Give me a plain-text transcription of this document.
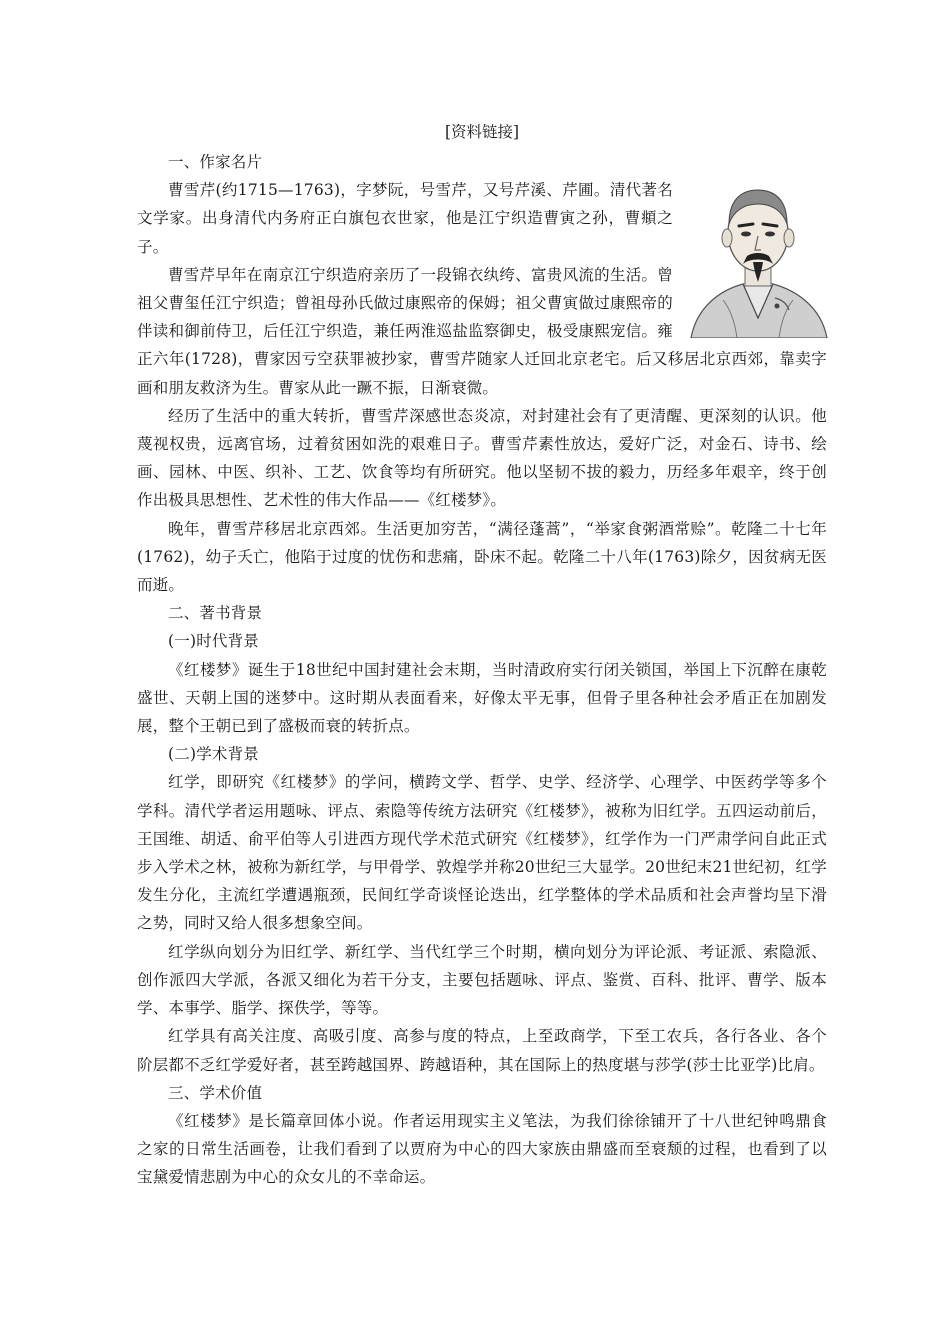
[资料链接]

一、作家名片

曹雪芹(约1715—1763)，字梦阮，号雪芹，又号芹溪、芹圃。清代著名文学家。出身清代内务府正白旗包衣世家，他是江宁织造曹寅之孙，曹頫之子。

曹雪芹早年在南京江宁织造府亲历了一段锦衣纨绔、富贵风流的生活。曾祖父曹玺任江宁织造；曾祖母孙氏做过康熙帝的保姆；祖父曹寅做过康熙帝的伴读和御前侍卫，后任江宁织造，兼任两淮巡盐监察御史，极受康熙宠信。雍正六年(1728)，曹家因亏空获罪被抄家，曹雪芹随家人迁回北京老宅。后又移居北京西郊，靠卖字画和朋友救济为生。曹家从此一蹶不振，日渐衰微。

经历了生活中的重大转折，曹雪芹深感世态炎凉，对封建社会有了更清醒、更深刻的认识。他蔑视权贵，远离官场，过着贫困如洗的艰难日子。曹雪芹素性放达，爱好广泛，对金石、诗书、绘画、园林、中医、织补、工艺、饮食等均有所研究。他以坚韧不拔的毅力，历经多年艰辛，终于创作出极具思想性、艺术性的伟大作品——《红楼梦》。

晚年，曹雪芹移居北京西郊。生活更加穷苦，“满径蓬蒿”，“举家食粥酒常赊”。乾隆二十七年(1762)，幼子夭亡，他陷于过度的忧伤和悲痛，卧床不起。乾隆二十八年(1763)除夕，因贫病无医而逝。

二、著书背景

(一)时代背景

《红楼梦》诞生于18世纪中国封建社会末期，当时清政府实行闭关锁国，举国上下沉醉在康乾盛世、天朝上国的迷梦中。这时期从表面看来，好像太平无事，但骨子里各种社会矛盾正在加剧发展，整个王朝已到了盛极而衰的转折点。

(二)学术背景

红学，即研究《红楼梦》的学问，横跨文学、哲学、史学、经济学、心理学、中医药学等多个学科。清代学者运用题咏、评点、索隐等传统方法研究《红楼梦》，被称为旧红学。五四运动前后，王国维、胡适、俞平伯等人引进西方现代学术范式研究《红楼梦》，红学作为一门严肃学问自此正式步入学术之林，被称为新红学，与甲骨学、敦煌学并称20世纪三大显学。20世纪末21世纪初，红学发生分化，主流红学遭遇瓶颈，民间红学奇谈怪论迭出，红学整体的学术品质和社会声誉均呈下滑之势，同时又给人很多想象空间。

红学纵向划分为旧红学、新红学、当代红学三个时期，横向划分为评论派、考证派、索隐派、创作派四大学派，各派又细化为若干分支，主要包括题咏、评点、鉴赏、百科、批评、曹学、版本学、本事学、脂学、探佚学，等等。

红学具有高关注度、高吸引度、高参与度的特点，上至政商学，下至工农兵，各行各业、各个阶层都不乏红学爱好者，甚至跨越国界、跨越语种，其在国际上的热度堪与莎学(莎士比亚学)比肩。

三、学术价值

《红楼梦》是长篇章回体小说。作者运用现实主义笔法，为我们徐徐铺开了十八世纪钟鸣鼎食之家的日常生活画卷，让我们看到了以贾府为中心的四大家族由鼎盛而至衰颓的过程，也看到了以宝黛爱情悲剧为中心的众女儿的不幸命运。
